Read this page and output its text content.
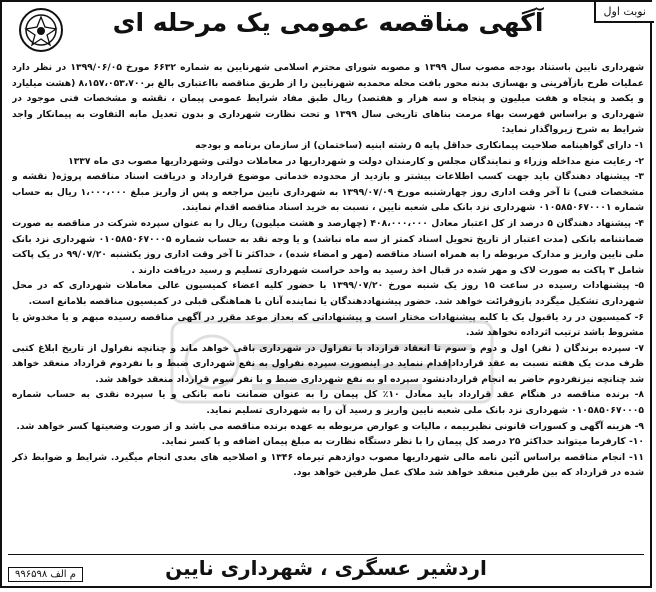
آگهی مناقصه عمومی یک مرحله ای	نوبت اول

شهرداری نایین باستناد بودجه مصوب سال ۱۳۹۹ و مصوبه شورای محترم اسلامی شهرنایین به شماره ۶۶۳۲ مورخ ۱۳۹۹/۰۶/۰۵ در نظر دارد عملیات طرح بازآفرینی و بهسازی بدنه محور بافت محله محمدیه شهرنایین را از طریق مناقصه بااعتباری بالغ بر۸،۱۵۷،۰۵۳،۷۰۰ (هشت میلیارد و یکصد و پنجاه و هفت میلیون و پنجاه و سه هزار و هفتصد) ریال طبق مفاد شرایط عمومی پیمان ، نقشه و مشخصات فنی موجود در شهرداری و براساس فهرست بهاء مرمت بناهای تاریخی سال ۱۳۹۹ و تحت نظارت شهرداری و بدون تعدیل مابه التفاوت به پیمانکار واجد شرایط به شرح زیرواگذار نماید:

۱- دارای گواهینامه صلاحیت پیمانکاری حداقل پایه ۵ رشته ابنیه (ساختمان) از سازمان برنامه و بودجه

۲- رعایت منع مداخله وزراء و نمایندگان مجلس و کارمندان دولت و شهرداریها در معاملات دولتی وشهرداریها مصوب دی ماه ۱۳۳۷

۳- پیشنهاد دهندگان باید جهت کسب اطلاعات بیشتر و بازدید از محدوده خدماتی موضوع قرارداد و دریافت اسناد مناقصه پروژه( نقشه و مشخصات فنی) تا آخر وقت اداری روز چهارشنبه مورخ ۱۳۹۹/۰۷/۰۹ به شهرداری نایین مراجعه و پس از واریز مبلغ ۱،۰۰۰،۰۰۰ ریال به حساب شماره ۰۱۰۵۸۵۰۶۷۰۰۰۱ شهرداری نزد بانک ملی شعبه نایین ، نسبت به خرید اسناد مناقصه اقدام نمایند.

۴- پیشنهاد دهندگان ۵ درصد از کل اعتبار معادل ۴۰۸،۰۰۰،۰۰۰ (چهارصد و هشت میلیون) ریال را به عنوان سپرده شرکت در مناقصه به صورت ضمانتنامه بانکی (مدت اعتبار از تاریخ تحویل اسناد کمتر از سه ماه نباشد) و یا وجه نقد به حساب شماره ۰۱۰۵۸۵۰۶۷۰۰۰۵ شهرداری نزد بانک ملی نایین واریز و مدارک مربوطه را به همراه اسناد مناقصه (مهر و امضاء شده) ، حداکثر تا آخر وقت اداری روز یکشنبه ۹۹/۰۷/۲۰ در یک پاکت شامل ۳ پاکت به صورت لاک و مهر شده در قبال اخذ رسید به واحد حراست شهرداری تسلیم و رسید دریافت دارند .

۵- پیشنهادات رسیده در ساعت ۱۵ روز یک شنبه مورخ ۱۳۹۹/۰۷/۲۰ با حضور کلیه اعضاء کمیسیون عالی معاملات شهرداری که در محل شهرداری تشکیل میگردد بازوقرائت خواهد شد. حضور پیشنهاددهندگان یا نماینده آنان با هماهنگی قبلی در کمیسیون مناقصه بلامانع است.

۶- کمیسیون در رد یاقبول یک یا کلیه پیشنهادات مختار است و پیشنهاداتی که بعداز موعد مقرر در آگهی مناقصه رسیده مبهم و یا مخدوش یا مشروط باشد ترتیب اثرداده نخواهد شد.

۷- سپرده برندگان ( نفر) اول و دوم و سوم تا انعقاد قرارداد با نفراول در شهرداری باقی خواهد ماند و چنانچه نفراول از تاریخ ابلاغ کتبی ظرف مدت یک هفته نسبت به عقد قراردادإقدام ننماید در اینصورت سپرده نفراول به نفع شهرداری ضبط و با نفردوم قرارداد منعقد خواهد شد چنانچه نیزنفردوم حاضر به انجام قراردادنشود سپرده او به نفع شهرداری ضبط و با نفر سوم قرارداد منعقد خواهد شد.

۸- برنده مناقصه در هنگام عقد قرارداد باید معادل ۱۰٪ کل پیمان را به عنوان ضمانت نامه بانکی و یا سپرده نقدی به حساب شماره ۰۱۰۵۸۵۰۶۷۰۰۰۵ شهرداری نزد بانک ملی شعبه نایین واریز و رسید آن را به شهرداری تسلیم نماید.

۹- هزینه آگهی و کسورات قانونی نظیربیمه ، مالیات و عوارض مربوطه به عهده برنده مناقصه می باشد و از صورت وضعیتها کسر خواهد شد.

۱۰- کارفرما میتواند حداکثر ۲۵ درصد کل پیمان را با نظر دستگاه نظارت به مبلغ پیمان اضافه و یا کسر نماید.

۱۱- انجام مناقصه براساس آئین نامه مالی شهرداریها مصوب دوازدهم تیرماه ۱۳۴۶ و اصلاحیه های بعدی انجام میگیرد. شرایط و ضوابط ذکر شده در قرارداد که بین طرفین منعقد خواهد شد ملاک عمل طرفین خواهد بود.

اردشیر عسگری ، شهرداری نایین
م الف ۹۹۶۵۹۸
